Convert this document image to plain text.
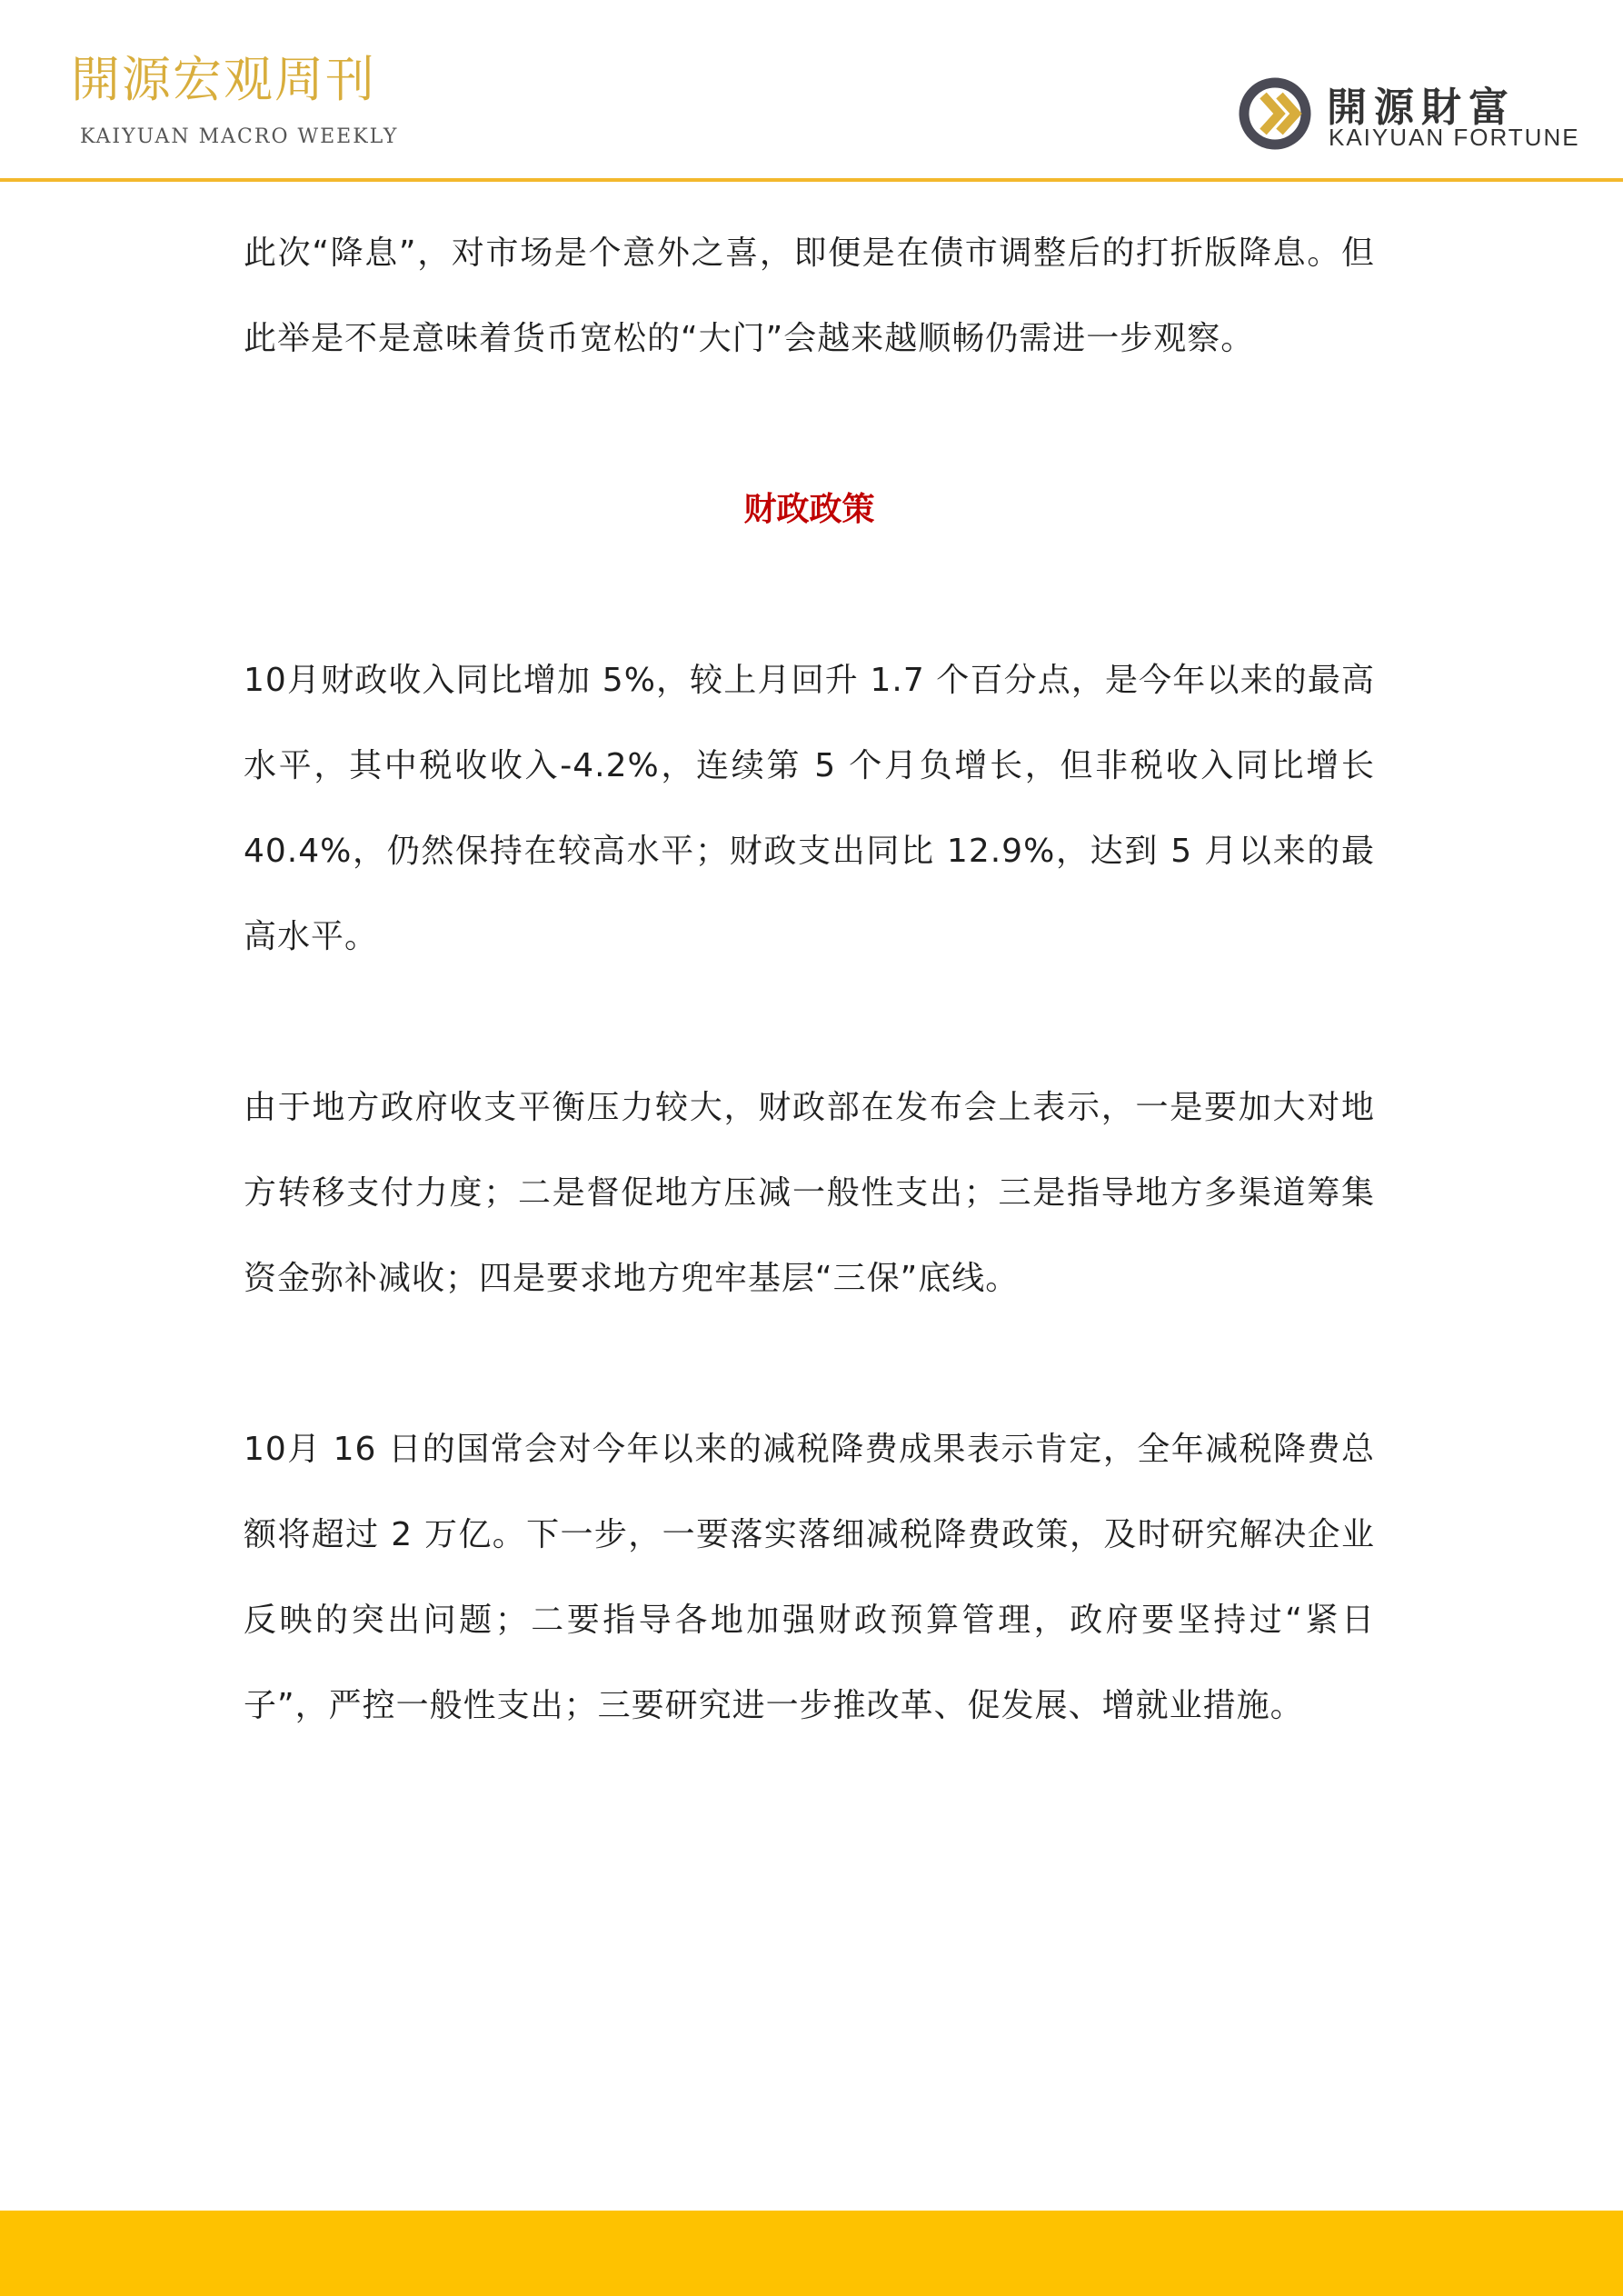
開源宏观周刊
KAIYUAN MACRO WEEKLY
開源財富
KAIYUAN FORTUNE

此次“降息”，对市场是个意外之喜，即便是在债市调整后的打折版降息。但此举是不是意味着货币宽松的“大门”会越来越顺畅仍需进一步观察。

财政政策

10月财政收入同比增加 5%，较上月回升 1.7 个百分点，是今年以来的最高水平，其中税收收入-4.2%，连续第 5 个月负增长，但非税收入同比增长 40.4%，仍然保持在较高水平；财政支出同比 12.9%，达到 5 月以来的最高水平。

由于地方政府收支平衡压力较大，财政部在发布会上表示，一是要加大对地方转移支付力度；二是督促地方压减一般性支出；三是指导地方多渠道筹集资金弥补减收；四是要求地方兜牢基层“三保”底线。

10月 16 日的国常会对今年以来的减税降费成果表示肯定，全年减税降费总额将超过 2 万亿。下一步，一要落实落细减税降费政策，及时研究解决企业反映的突出问题；二要指导各地加强财政预算管理，政府要坚持过“紧日子”，严控一般性支出；三要研究进一步推改革、促发展、增就业措施。
